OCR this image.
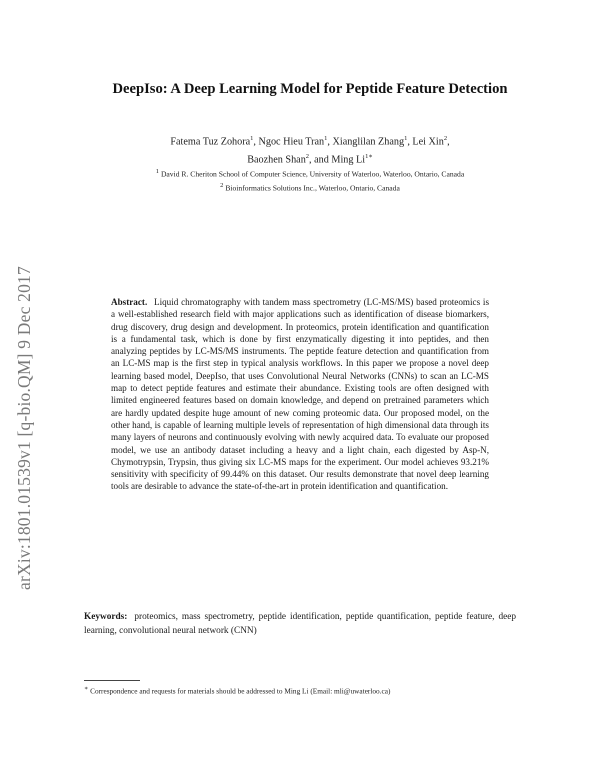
arXiv:1801.01539v1 [q-bio.QM] 9 Dec 2017
DeepIso: A Deep Learning Model for Peptide Feature Detection
Fatema Tuz Zohora$^1$, Ngoc Hieu Tran$^1$, Xianglilan Zhang$^1$, Lei Xin$^2$,
Baozhen Shan$^2$, and Ming $Li^{1∗}$
$^1$ David R. Cheriton School of Computer Science, University of Waterloo, Waterloo, Ontario, Canada
$^2$ Bioinformatics Solutions Inc., Waterloo, Ontario, Canada
Abstract. Liquid chromatography with tandem mass spectrometry (LC-MS/MS) based proteomics is a well-established research field with major applications such as identification of disease biomarkers, drug discovery, drug design and development. In proteomics, protein identification and quantification is a fundamental task, which is done by first enzymatically digesting it into peptides, and then analyzing peptides by LC-MS/MS instruments. The peptide feature detection and quantification from an LC-MS map is the first step in typical analysis workflows. In this paper we propose a novel deep learning based model, DeepIso, that uses Convolutional Neural Networks (CNNs) to scan an LC-MS map to detect peptide features and estimate their abundance. Existing tools are often designed with limited engineered features based on domain knowledge, and depend on pretrained parameters which are hardly updated despite huge amount of new coming proteomic data. Our proposed model, on the other hand, is capable of learning multiple levels of representation of high dimensional data through its many layers of neurons and continuously evolving with newly acquired data. To evaluate our proposed model, we use an antibody dataset including a heavy and a light chain, each digested by Asp-N, Chymotrypsin, Trypsin, thus giving six LC-MS maps for the experiment. Our model achieves 93.21% sensitivity with specificity of 99.44% on this dataset. Our results demonstrate that novel deep learning tools are desirable to advance the state-of-the-art in protein identification and quantification.
Keywords: proteomics, mass spectrometry, peptide identification, peptide quantification, peptide feature, deep learning, convolutional neural network (CNN)
∗ Correspondence and requests for materials should be addressed to Ming Li (Email: mli@uwaterloo.ca)
